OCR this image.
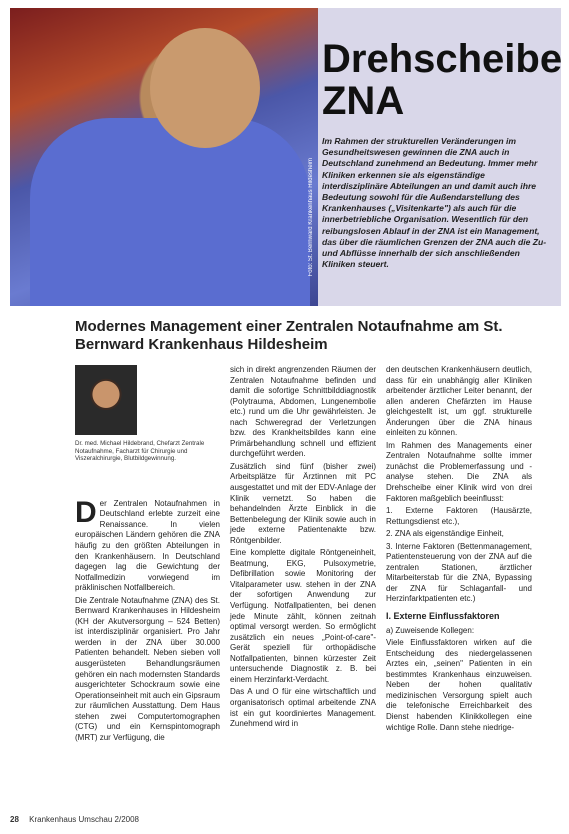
Foto: St. Bernward Krankenhaus Hildesheim
Drehscheibe
ZNA
Im Rahmen der strukturellen Veränderungen im Gesundheitswesen gewinnen die ZNA auch in Deutschland zunehmend an Bedeutung. Immer mehr Kliniken erkennen sie als eigenständige interdisziplinäre Abteilungen an und damit auch ihre Bedeutung sowohl für die Außendarstellung des Krankenhauses („Visitenkarte") als auch für die innerbetriebliche Organisation. Wesentlich für den reibungslosen Ablauf in der ZNA ist ein Management, das über die räumlichen Grenzen der ZNA auch die Zu- und Abflüsse innerhalb der sich anschließenden Kliniken steuert.
Modernes Management einer Zentralen Notaufnahme am St. Bernward Krankenhaus Hildesheim
Dr. med. Michael Hildebrand, Chefarzt Zentrale Notaufnahme, Facharzt für Chirurgie und Viszeralchirurgie, Blutbildgewinnung.

Der Zentralen Notaufnahmen in Deutschland erlebte zurzeit eine Renaissance. In vielen europäischen Ländern gehören die ZNA häufig zu den größten Abteilungen in den Krankenhäusern. In Deutschland dagegen lag die Gewichtung der Notfallmedizin vorwiegend im präklinischen Notfallbereich.

Die Zentrale Notaufnahme (ZNA) des St. Bernward Krankenhauses in Hildesheim (KH der Akutversorgung – 524 Betten) ist interdisziplinär organisiert. Pro Jahr werden in der ZNA über 30.000 Patienten behandelt. Neben sieben voll ausgerüsteten Behandlungsräumen gehören ein nach modernsten Standards ausgerichteter Schockraum sowie eine Operationseinheit mit auch ein Gipsraum zur räumlichen Ausstattung. Dem Haus stehen zwei Computertomographen (CTG) und ein Kernspintomograph (MRT) zur Verfügung, die

sich in direkt angrenzenden Räumen der Zentralen Notaufnahme befinden und damit die sofortige Schnittbilddiagnostik (Polytrauma, Abdomen, Lungenembolie etc.) rund um die Uhr gewährleisten. Je nach Schweregrad der Verletzungen bzw. des Krankheitsbildes kann eine Primärbehandlung schnell und effizient durchgeführt werden.

Zusätzlich sind fünf (bisher zwei) Arbeitsplätze für Ärztinnen mit PC ausgestattet und mit der EDV-Anlage der Klinik vernetzt. So haben die behandelnden Ärzte Einblick in die Bettenbelegung der Klinik sowie auch in jede externe Patientenakte bzw. Röntgenbilder.

Eine komplette digitale Röntgeneinheit, Beatmung, EKG, Pulsoxymetrie, Defibrillation sowie Monitoring der Vitalparameter usw. stehen in der ZNA der sofortigen Anwendung zur Verfügung. Notfallpatienten, bei denen jede Minute zählt, können zeitnah optimal versorgt werden. So ermöglicht zusätzlich ein neues „Point-of-care"-Gerät speziell für orthopädische Notfallpatienten, binnen kürzester Zeit untersuchende Diagnostik z. B. bei einem Herzinfarkt-Verdacht.

Das A und O für eine wirtschaftlich und organisatorisch optimal arbeitende ZNA ist ein gut koordiniertes Management. Zunehmend wird in

den deutschen Krankenhäusern deutlich, dass für ein unabhängig aller Kliniken arbeitender ärztlicher Leiter benannt, der allen anderen Chefärzten im Hause gleichgestellt ist, um ggf. strukturelle Änderungen über die ZNA hinaus einleiten zu können.

Im Rahmen des Managements einer Zentralen Notaufnahme sollte immer zunächst die Problemerfassung und -analyse stehen. Die ZNA als Drehscheibe einer Klinik wird von drei Faktoren maßgeblich beeinflusst:

1. Externe Faktoren (Hausärzte, Rettungsdienst etc.),

2. ZNA als eigenständige Einheit,

3. Interne Faktoren (Bettenmanagement, Patientensteuerung von der ZNA auf die zentralen Stationen, ärztlicher Mitarbeiterstab für die ZNA, Bypassing der ZNA für Schlaganfall- und Herzinfarktpatienten etc.)

I. Externe Einflussfaktoren

a) Zuweisende Kollegen:

Viele Einflussfaktoren wirken auf die Entscheidung des niedergelassenen Arztes ein, „seinen" Patienten in ein bestimmtes Krankenhaus einzuweisen. Neben der hohen qualitativ medizinischen Versorgung spielt auch die telefonische Erreichbarkeit des Dienst habenden Klinikkollegen eine wichtige Rolle. Dann stehe niedrige-

28 Krankenhaus Umschau 2/2008
